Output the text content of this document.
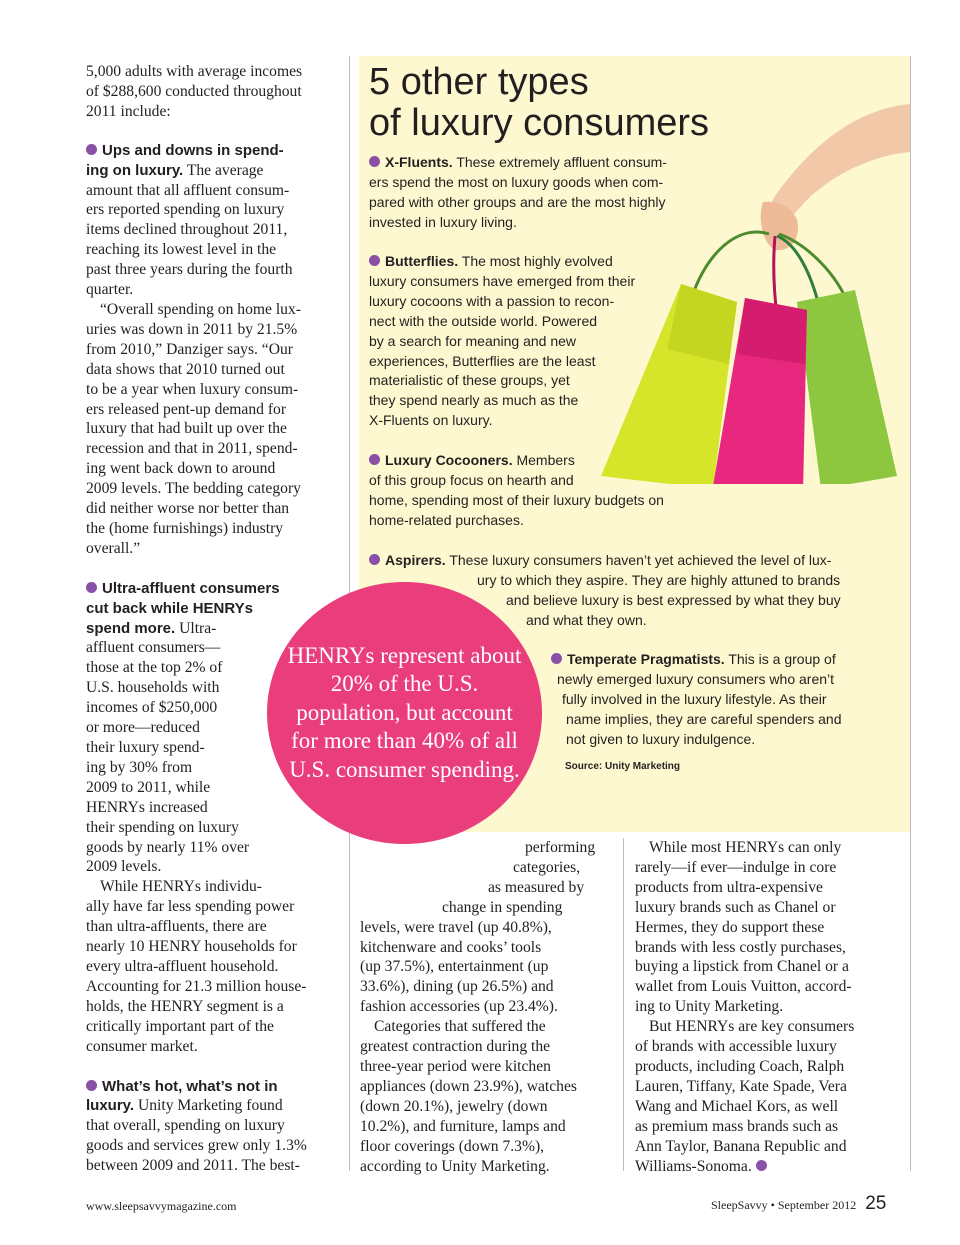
5,000 adults with average incomes
of $288,600 conducted throughout
2011 include:
Ups and downs in spend-
ing on luxury. The average
amount that all affluent consum-
ers reported spending on luxury
items declined throughout 2011,
reaching its lowest level in the
past three years during the fourth
quarter.
“Overall spending on home lux-
uries was down in 2011 by 21.5%
from 2010,” Danziger says. “Our
data shows that 2010 turned out
to be a year when luxury consum-
ers released pent-up demand for
luxury that had built up over the
recession and that in 2011, spend-
ing went back down to around
2009 levels. The bedding category
did neither worse nor better than
the (home furnishings) industry
overall.”
Ultra-affluent consumers
cut back while HENRYs
spend more. Ultra-
affluent consumers—
those at the top 2% of
U.S. households with
incomes of $250,000
or more—reduced
their luxury spend-
ing by 30% from
2009 to 2011, while
HENRYs increased
their spending on luxury
goods by nearly 11% over
2009 levels.
While HENRYs individu-
ally have far less spending power
than ultra-affluents, there are
nearly 10 HENRY households for
every ultra-affluent household.
Accounting for 21.3 million house-
holds, the HENRY segment is a
critically important part of the
consumer market.
What’s hot, what’s not in
luxury. Unity Marketing found
that overall, spending on luxury
goods and services grew only 1.3%
between 2009 and 2011. The best-
5 other types
of luxury consumers
X-Fluents. These extremely affluent consum-
ers spend the most on luxury goods when com-
pared with other groups and are the most highly
invested in luxury living.
Butterflies. The most highly evolved
luxury consumers have emerged from their
luxury cocoons with a passion to recon-
nect with the outside world. Powered
by a search for meaning and new
experiences, Butterflies are the least
materialistic of these groups, yet
they spend nearly as much as the
X-Fluents on luxury.
Luxury Cocooners. Members
of this group focus on hearth and
home, spending most of their luxury budgets on
home-related purchases.
Aspirers. These luxury consumers haven’t yet achieved the level of lux-
ury to which they aspire. They are highly attuned to brands
and believe luxury is best expressed by what they buy
and what they own.
Temperate Pragmatists. This is a group of
newly emerged luxury consumers who aren’t
fully involved in the luxury lifestyle. As their
name implies, they are careful spenders and
not given to luxury indulgence.
Source: Unity Marketing
HENRYs represent about 20% of the U.S. population, but account for more than 40% of all U.S. consumer spending.
performing
categories,
as measured by
change in spending
levels, were travel (up 40.8%),
kitchenware and cooks’ tools
(up 37.5%), entertainment (up
33.6%), dining (up 26.5%) and
fashion accessories (up 23.4%).
Categories that suffered the
greatest contraction during the
three-year period were kitchen
appliances (down 23.9%), watches
(down 20.1%), jewelry (down
10.2%), and furniture, lamps and
floor coverings (down 7.3%),
according to Unity Marketing.
While most HENRYs can only
rarely—if ever—indulge in core
products from ultra-expensive
luxury brands such as Chanel or
Hermes, they do support these
brands with less costly purchases,
buying a lipstick from Chanel or a
wallet from Louis Vuitton, accord-
ing to Unity Marketing.
But HENRYs are key consumers
of brands with accessible luxury
products, including Coach, Ralph
Lauren, Tiffany, Kate Spade, Vera
Wang and Michael Kors, as well
as premium mass brands such as
Ann Taylor, Banana Republic and
Williams-Sonoma.
www.sleepsavvymagazine.com	SleepSavvy • September 2012 25
